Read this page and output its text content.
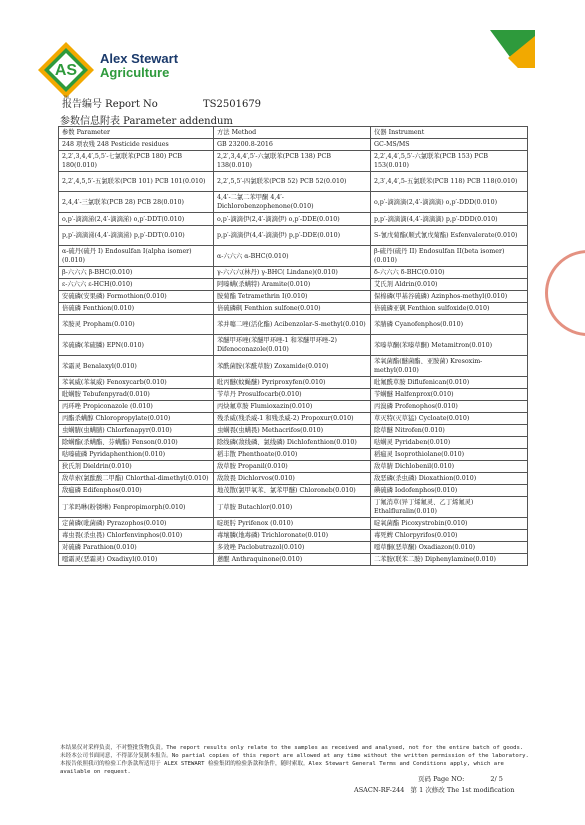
AS
TM
Alex Stewart
Agriculture
报告编号 Report No	TS2501679
参数信息附表 Parameter addendum
参数 Parameter	方法 Method	仪器 Instrument
248 项农残 248 Pesticide residues	GB 23200.8-2016	GC-MS/MS
2,2′,3,4,4′,5,5′-七氯联苯(PCB 180) PCB 180(0.010)	2,2′,3,4,4′,5′-六氯联苯(PCB 138) PCB 138(0.010)	2,2′,4,4′,5,5′-六氯联苯(PCB 153) PCB 153(0.010)
2,2′,4,5,5′-五氯联苯(PCB 101) PCB 101(0.010)	2,2′,5,5′-四氯联苯(PCB 52) PCB 52(0.010)	2,3′,4,4′,5-五氯联苯(PCB 118) PCB 118(0.010)
2,4,4′-三氯联苯(PCB 28) PCB 28(0.010)	4,4′-二氯二苯甲酮 4,4′-Dichlorobenzophenone(0.010)	o,p′-滴滴滴(2,4′-滴滴滴) o,p′-DDD(0.010)
o,p′-滴滴涕(2,4′-滴滴涕) o,p′-DDT(0.010)	o,p′-滴滴伊(2,4′-滴滴伊) o,p′-DDE(0.010)	p,p′-滴滴滴(4,4′-滴滴滴) p,p′-DDD(0.010)
p,p′-滴滴涕(4,4′-滴滴涕) p,p′-DDT(0.010)	p,p′-滴滴伊(4,4′-滴滴伊) p,p′-DDE(0.010)	S-氰戊菊酯(顺式氰戊菊酯) Esfenvalerate(0.010)
α-硫丹(硫丹 I) Endosulfan I(alpha isomer)(0.010)	α-六六六 α-BHC(0.010)	β-硫丹(硫丹 II) Endosulfan II(beta isomer)(0.010)
β-六六六 β-BHC(0.010)	γ-六六六(林丹) γ-BHC( Lindane)(0.010)	δ-六六六 δ-BHC(0.010)
ε-六六六 ε-HCH(0.010)	阿嗪螨(杀螨特) Aramite(0.010)	艾氏剂 Aldrin(0.010)
安硫磷(安果磷) Formothion(0.010)	胺菊酯 Tetramethrin I(0.010)	保棉磷(甲基谷硫磷) Azinphos-methyl(0.010)
倍硫磷 Fenthion(0.010)	倍硫磷砜 Fenthion sulfone(0.010)	倍硫磷亚砜 Fenthion sulfoxide(0.010)
苯胺灵 Propham(0.010)	苯并噻二唑(活化酯) Acibenzolar-S-methyl(0.010)	苯腈磷 Cyanofenphos(0.010)
苯硫磷(苯硫膦) EPN(0.010)	苯醚甲环唑(苯醚甲环唑-1 和苯醚甲环唑-2) Difenoconazole(0.010)	苯嗪草酮(苯嗪草酮) Metamitron(0.010)
苯霜灵 Benalaxyl(0.010)	苯酰菌胺(苯酰草胺) Zoxamide(0.010)	苯氧菌酯(醚菌酯、亚胺菌) Kresoxim-methyl(0.010)
苯氧威(苯氧威) Fenoxycarb(0.010)	吡丙醚(蚊蝇醚) Pyriproxyfen(0.010)	吡氟酰草胺 Diflufenican(0.010)
吡螨胺 Tebufenpyrad(0.010)	苄草丹 Prosulfocarb(0.010)	苄螨醚 Halfenprox(0.010)
丙环唑 Propiconazole (0.010)	丙炔氟草胺 Flumioxazin(0.010)	丙溴磷 Profenophos(0.010)
丙酯杀螨醇 Chloropropylate(0.010)	残杀威(残杀威-1 和残杀威-2) Propoxur(0.010)	草灭特(灭草猛) Cycloate(0.010)
虫螨腈(虫螨腈) Chlorfenapyr(0.010)	虫螨畏(虫螨畏) Methacrifos(0.010)	除草醚 Nitrofen(0.010)
除螨酯(杀螨酯、芬螨酯) Fenson(0.010)	除线磷(敌线磷、氯线磷) Dichlofenthion(0.010)	哒螨灵 Pyridaben(0.010)
哒嗪硫磷 Pyridaphenthion(0.010)	稻丰散 Phenthoate(0.010)	稻瘟灵 Isoprothiolane(0.010)
狄氏剂 Dieldrin(0.010)	敌草胺 Propanil(0.010)	敌草腈 Dichlobenil(0.010)
敌草索(氯酞酸二甲酯) Chlorthal-dimethyl(0.010)	敌敌畏 Dichlorvos(0.010)	敌恶磷(杀虫磷) Dioxathion(0.010)
敌瘟磷 Edifenphos(0.010)	地茂散(氯甲氧苯、氯苯甲醚) Chloroneb(0.010)	碘硫磷 Iodofenphos(0.010)
丁苯吗啉(粉锈啉) Fenpropimorph(0.010)	丁草胺 Butachlor(0.010)	丁氟消草(异丁烯氟灵、乙丁烯氟灵) Ethalfluralin(0.010)
定菌磷(吡菌磷) Pyrazophos(0.010)	啶斑肟 Pyrifenox (0.010)	啶氧菌酯 Picoxystrobin(0.010)
毒虫畏(杀虫畏) Chlorfenvinphos(0.010)	毒壤膦(地毒磷) Trichloronate(0.010)	毒死蜱 Chlorpyrifos(0.010)
对硫磷 Parathion(0.010)	多效唑 Paclobutrazol(0.010)	噁草酮(恶草酮) Oxadiazon(0.010)
噁霜灵(恶霜灵) Oxadixyl(0.010)	蒽醌 Anthraquinone(0.010)	二苯胺(联苯二胺) Diphenylamine(0.010)
本结果仅对采样负责，不对整批货物负责。The report results only relate to the samples as received and analysed, not for the entire batch of goods.
未经本公司书面同意，不得部分复制本报告。No partial copies of this report are allowed at any time without the written permission of the laboratory.
本报告依照我司的检验工作条款所适用于 ALEX STEWART 检验集团的检验条款和条件，随时索取。Alex Stewart General Terms and Conditions apply, which are available on request.
页码 Page NO:	2/ 5
ASACN-RF-244 第 1 次修改 The 1st modification
